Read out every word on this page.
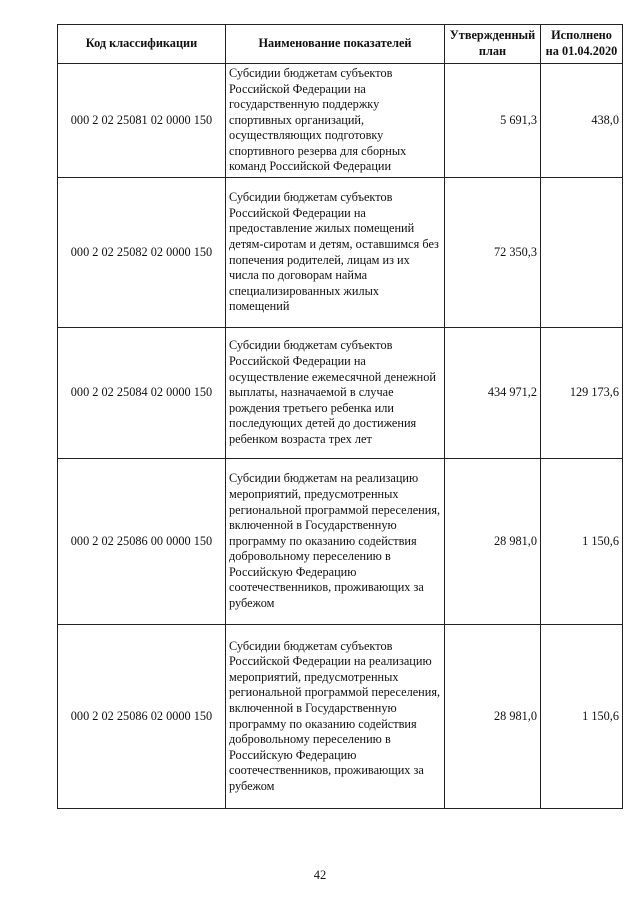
Код классификации	Наименование показателей	Утвержденный план	Исполнено на 01.04.2020
000 2 02 25081 02 0000 150	Субсидии бюджетам субъектов Российской Федерации на государственную поддержку спортивных организаций, осуществляющих подготовку спортивного резерва для сборных команд Российской Федерации	5 691,3	438,0
000 2 02 25082 02 0000 150	Субсидии бюджетам субъектов Российской Федерации на предоставление жилых помещений детям-сиротам и детям, оставшимся без попечения родителей, лицам из их числа по договорам найма специализированных жилых помещений	72 350,3	
000 2 02 25084 02 0000 150	Субсидии бюджетам субъектов Российской Федерации на осуществление ежемесячной денежной выплаты, назначаемой в случае рождения третьего ребенка или последующих детей до достижения ребенком возраста трех лет	434 971,2	129 173,6
000 2 02 25086 00 0000 150	Субсидии бюджетам на реализацию мероприятий, предусмотренных региональной программой переселения, включенной в Государственную программу по оказанию содействия добровольному переселению в Российскую Федерацию соотечественников, проживающих за рубежом	28 981,0	1 150,6
000 2 02 25086 02 0000 150	Субсидии бюджетам субъектов Российской Федерации на реализацию мероприятий, предусмотренных региональной программой переселения, включенной в Государственную программу по оказанию содействия добровольному переселению в Российскую Федерацию соотечественников, проживающих за рубежом	28 981,0	1 150,6
42
